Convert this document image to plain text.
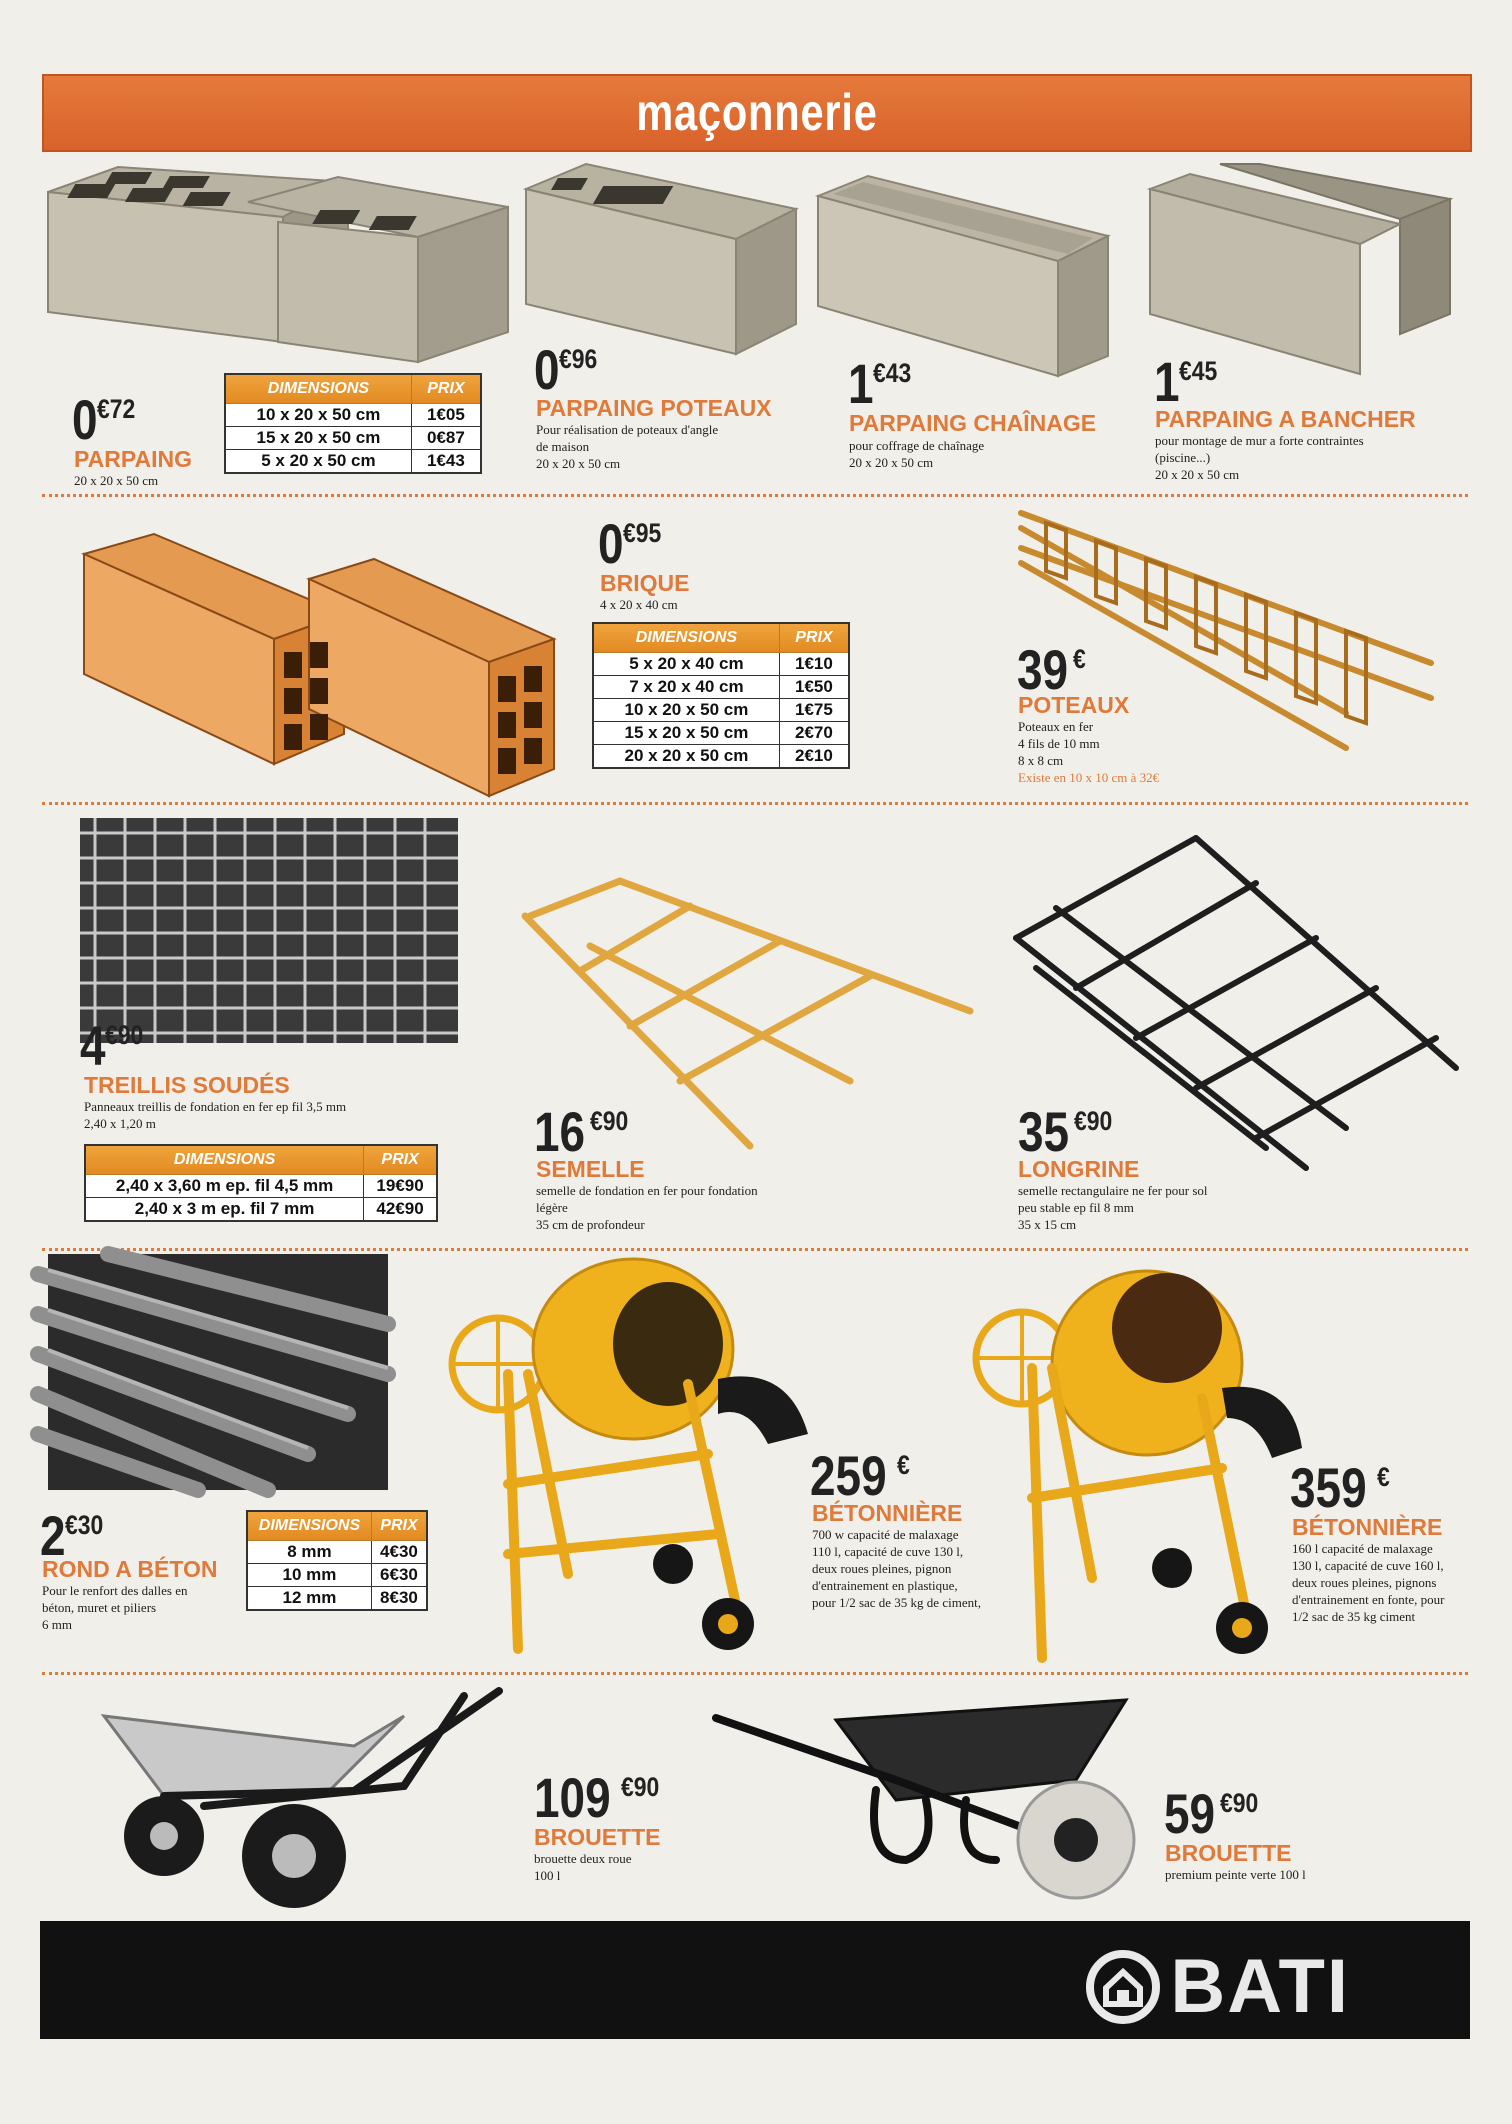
maçonnerie
0 €72
PARPAING
20 x 20 x 50 cm
DIMENSIONS	PRIX
10 x 20 x 50 cm	1€05
15 x 20 x 50 cm	0€87
5 x 20 x 50 cm	1€43
0 €96
PARPAING POTEAUX
Pour réalisation de poteaux d'angle
de maison
20 x 20 x 50 cm
1 €43
PARPAING CHAÎNAGE
pour coffrage de chaînage
20 x 20 x 50 cm
1 €45
PARPAING A BANCHER
pour montage de mur a forte contraintes
(piscine...)
20 x 20 x 50 cm
0 €95
BRIQUE
4 x 20 x 40 cm
DIMENSIONS	PRIX
5 x 20 x 40 cm	1€10
7 x 20 x 40 cm	1€50
10 x 20 x 50 cm	1€75
15 x 20 x 50 cm	2€70
20 x 20 x 50 cm	2€10
39 €
POTEAUX
Poteaux en fer
4 fils de 10 mm
8 x 8 cm
Existe en 10 x 10 cm à 32€
4 €90
TREILLIS SOUDÉS
Panneaux treillis de fondation en fer ep fil 3,5 mm
2,40 x 1,20 m
DIMENSIONS	PRIX
2,40 x 3,60 m ep. fil 4,5 mm	19€90
2,40 x 3 m ep. fil 7 mm	42€90
16 €90
SEMELLE
semelle de fondation en fer pour fondation
légère
35 cm de profondeur
35 €90
LONGRINE
semelle rectangulaire ne fer pour sol
peu stable ep fil 8 mm
35 x 15 cm
2 €30
ROND A BÉTON
Pour le renfort des dalles en
béton, muret et piliers
6 mm
DIMENSIONS	PRIX
8 mm	4€30
10 mm	6€30
12 mm	8€30
259 €
BÉTONNIÈRE
700 w capacité de malaxage
110 l, capacité de cuve 130 l,
deux roues pleines, pignon
d'entrainement en plastique,
pour 1/2 sac de 35 kg de ciment,
359 €
BÉTONNIÈRE
160 l capacité de malaxage
130 l, capacité de cuve 160 l,
deux roues pleines, pignons
d'entrainement en fonte, pour
1/2 sac de 35 kg ciment
109 €90
BROUETTE
brouette deux roue
100 l
59 €90
BROUETTE
premium peinte verte 100 l
BATI
